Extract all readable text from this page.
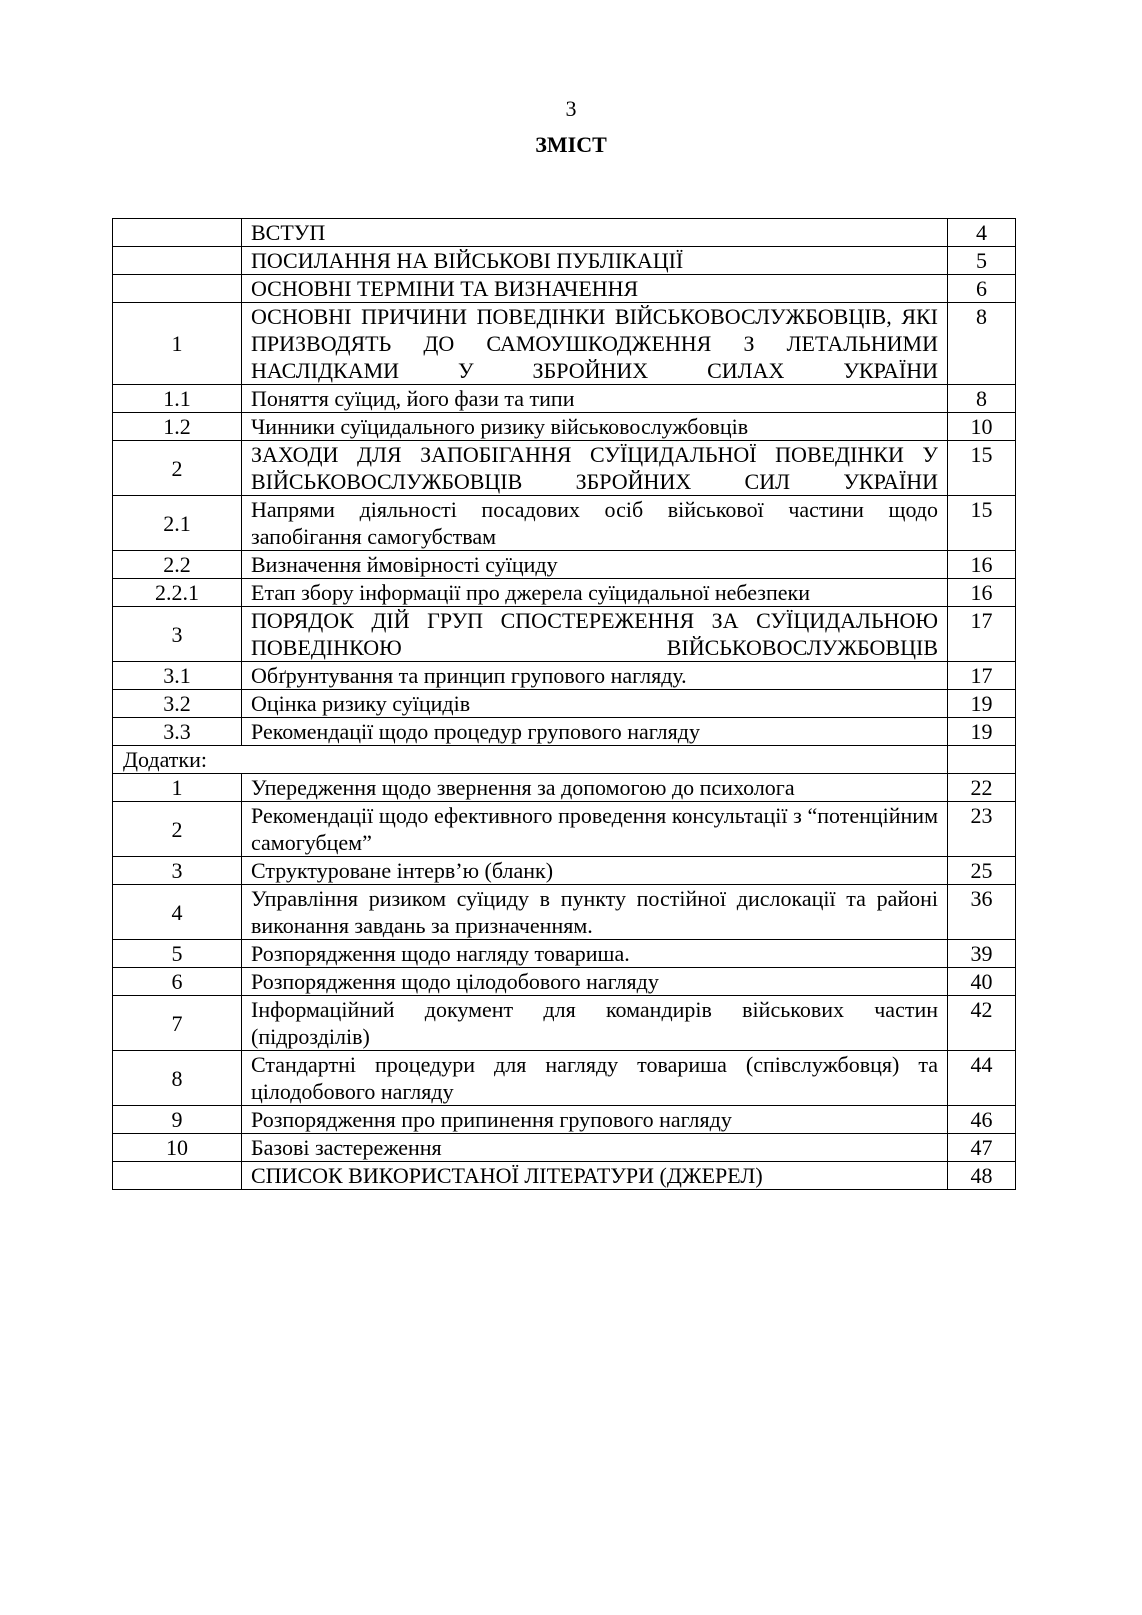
3
ЗМІСТ
	ВСТУП	4
	ПОСИЛАННЯ НА ВІЙСЬКОВІ ПУБЛІКАЦІЇ	5
	ОСНОВНІ ТЕРМІНИ ТА ВИЗНАЧЕННЯ	6
1	ОСНОВНІ ПРИЧИНИ ПОВЕДІНКИ ВІЙСЬКОВОСЛУЖБОВЦІВ, ЯКІ ПРИЗВОДЯТЬ ДО САМОУШКОДЖЕННЯ З ЛЕТАЛЬНИМИ НАСЛІДКАМИ У ЗБРОЙНИХ СИЛАХ УКРАЇНИ	8
1.1	Поняття суїцид, його фази та типи	8
1.2	Чинники суїцидального ризику військовослужбовців	10
2	ЗАХОДИ ДЛЯ ЗАПОБІГАННЯ СУЇЦИДАЛЬНОЇ ПОВЕДІНКИ У ВІЙСЬКОВОСЛУЖБОВЦІВ ЗБРОЙНИХ СИЛ УКРАЇНИ	15
2.1	Напрями діяльності посадових осіб військової частини щодо запобігання самогубствам	15
2.2	Визначення ймовірності суїциду	16
2.2.1	Етап збору інформації про джерела суїцидальної небезпеки	16
3	ПОРЯДОК ДІЙ ГРУП СПОСТЕРЕЖЕННЯ ЗА СУЇЦИДАЛЬНОЮ ПОВЕДІНКОЮ ВІЙСЬКОВОСЛУЖБОВЦІВ	17
3.1	Обґрунтування та принцип групового нагляду.	17
3.2	Оцінка ризику суїцидів	19
3.3	Рекомендації щодо процедур групового нагляду	19
Додатки:		
1	Упередження щодо звернення за допомогою до психолога	22
2	Рекомендації щодо ефективного проведення консультації з “потенційним самогубцем”	23
3	Структуроване інтерв’ю (бланк)	25
4	Управління ризиком суїциду в пункту постійної дислокації та районі виконання завдань за призначенням.	36
5	Розпорядження щодо нагляду товариша.	39
6	Розпорядження щодо цілодобового нагляду	40
7	Інформаційний документ для командирів військових частин (підрозділів)	42
8	Стандартні процедури для нагляду товариша (співслужбовця) та цілодобового нагляду	44
9	Розпорядження про припинення групового нагляду	46
10	Базові застереження	47
	СПИСОК ВИКОРИСТАНОЇ ЛІТЕРАТУРИ (ДЖЕРЕЛ)	48
